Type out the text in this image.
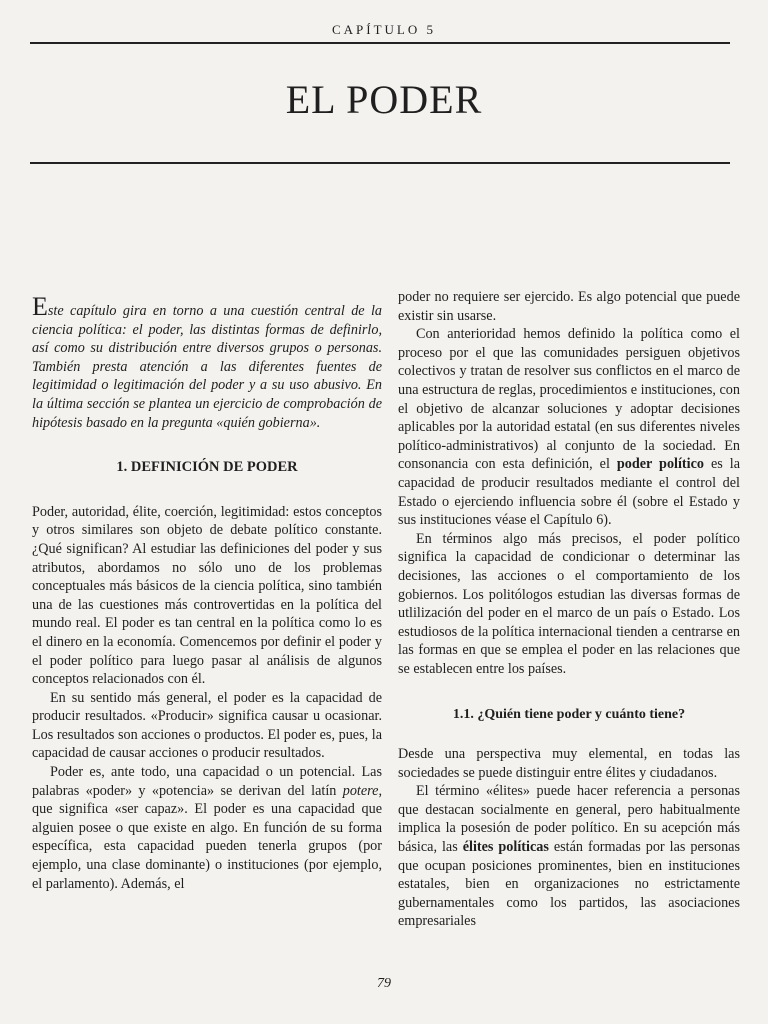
CAPÍTULO 5
EL PODER

Este capítulo gira en torno a una cuestión central de la ciencia política: el poder, las distintas formas de definirlo, así como su distribución entre diversos grupos o personas. También presta atención a las diferentes fuentes de legitimidad o legitimación del poder y a su uso abusivo. En la última sección se plantea un ejercicio de comprobación de hipótesis basado en la pregunta «quién gobierna».

1. DEFINICIÓN DE PODER

Poder, autoridad, élite, coerción, legitimidad: estos conceptos y otros similares son objeto de debate político constante. ¿Qué significan? Al estudiar las definiciones del poder y sus atributos, abordamos no sólo uno de los problemas conceptuales más básicos de la ciencia política, sino también una de las cuestiones más controvertidas en la política del mundo real. El poder es tan central en la política como lo es el dinero en la economía. Comencemos por definir el poder y el poder político para luego pasar al análisis de algunos conceptos relacionados con él.

En su sentido más general, el poder es la capacidad de producir resultados. «Producir» significa causar u ocasionar. Los resultados son acciones o productos. El poder es, pues, la capacidad de causar acciones o producir resultados.

Poder es, ante todo, una capacidad o un potencial. Las palabras «poder» y «potencia» se derivan del latín potere, que significa «ser capaz». El poder es una capacidad que alguien posee o que existe en algo. En función de su forma específica, esta capacidad pueden tenerla grupos (por ejemplo, una clase dominante) o instituciones (por ejemplo, el parlamento). Además, el

poder no requiere ser ejercido. Es algo potencial que puede existir sin usarse.

Con anterioridad hemos definido la política como el proceso por el que las comunidades persiguen objetivos colectivos y tratan de resolver sus conflictos en el marco de una estructura de reglas, procedimientos e instituciones, con el objetivo de alcanzar soluciones y adoptar decisiones aplicables por la autoridad estatal (en sus diferentes niveles político-administrativos) al conjunto de la sociedad. En consonancia con esta definición, el poder político es la capacidad de producir resultados mediante el control del Estado o ejerciendo influencia sobre él (sobre el Estado y sus instituciones véase el Capítulo 6).

En términos algo más precisos, el poder político significa la capacidad de condicionar o determinar las decisiones, las acciones o el comportamiento de los gobiernos. Los politólogos estudian las diversas formas de utlilización del poder en el marco de un país o Estado. Los estudiosos de la política internacional tienden a centrarse en las formas en que se emplea el poder en las relaciones que se establecen entre los países.

1.1. ¿Quién tiene poder y cuánto tiene?

Desde una perspectiva muy elemental, en todas las sociedades se puede distinguir entre élites y ciudadanos.

El término «élites» puede hacer referencia a personas que destacan socialmente en general, pero habitualmente implica la posesión de poder político. En su acepción más básica, las élites políticas están formadas por las personas que ocupan posiciones prominentes, bien en instituciones estatales, bien en organizaciones no estrictamente gubernamentales como los partidos, las asociaciones empresariales

79
